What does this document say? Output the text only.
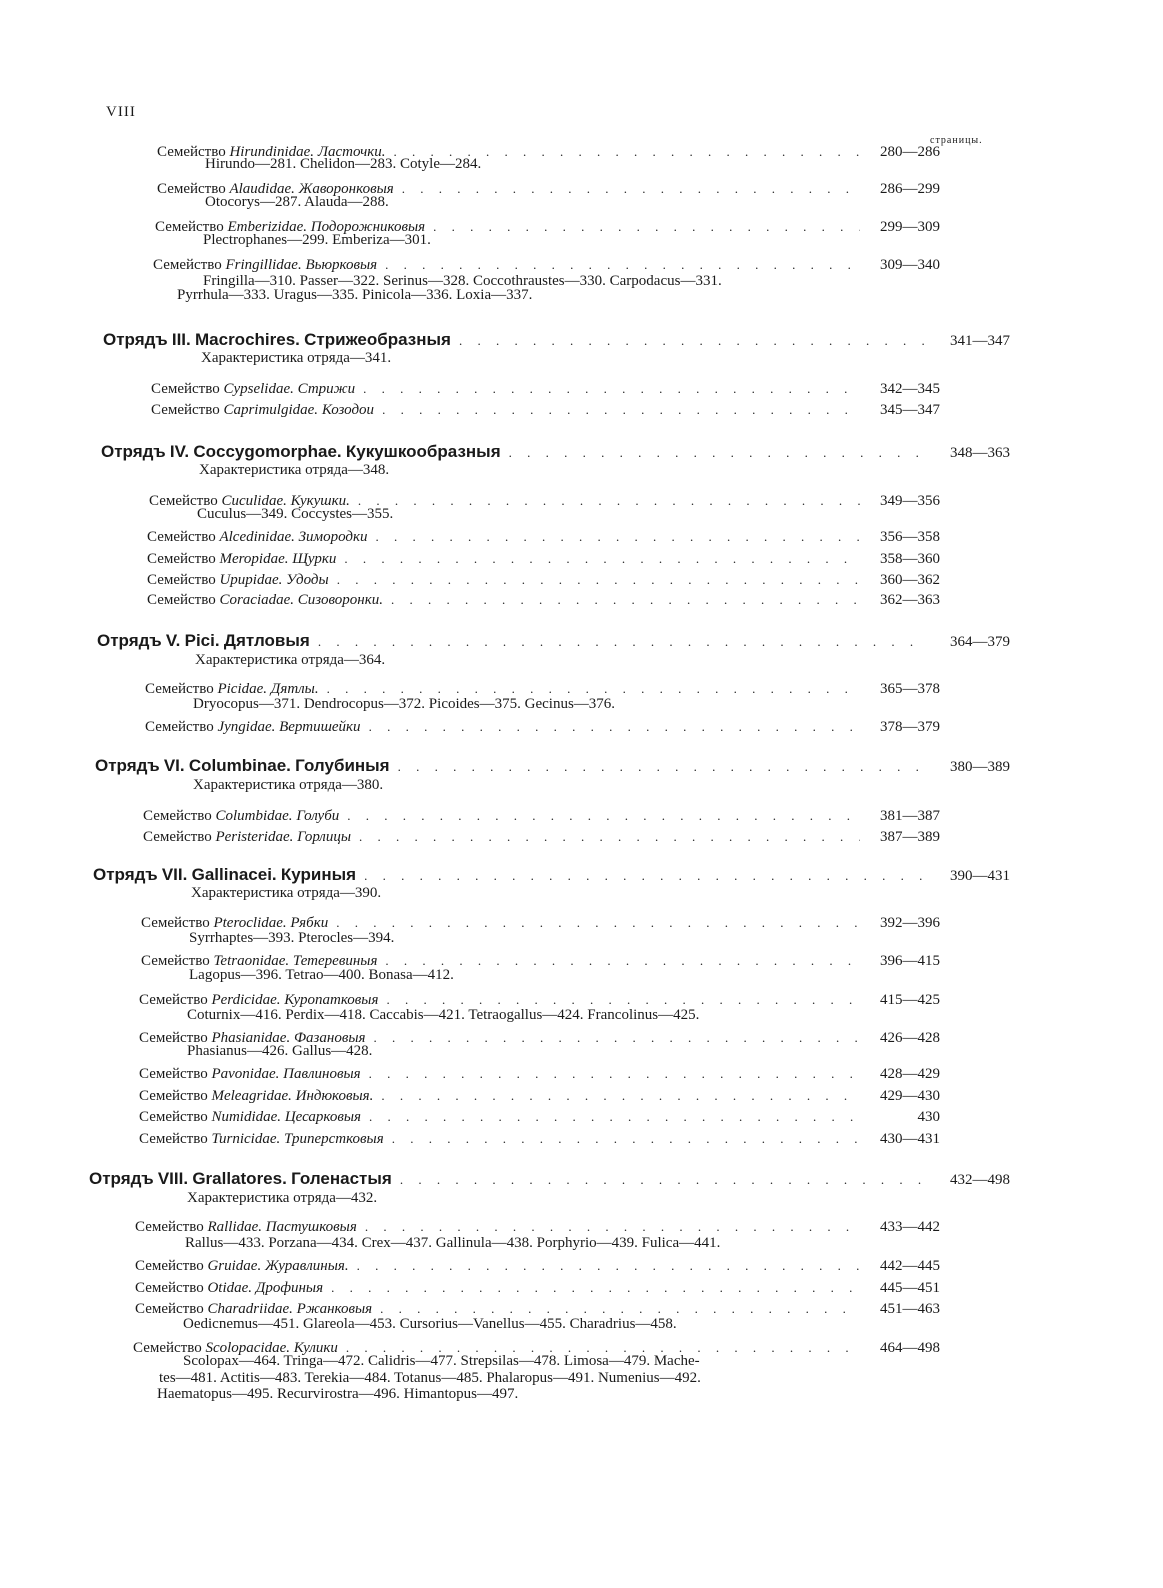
VIII
страницы.
Семейство Hirundinidae. Ласточки. . . .	280—286
Hirundo—281. Chelidon—283. Cotyle—284.
Семейство Alaudidae. Жаворонковыя . . .	286—299
Otocorys—287. Alauda—288.
Семейство Emberizidae. Подорожниковыя . . .	299—309
Plectrophanes—299. Emberiza—301.
Семейство Fringillidae. Вьюрковыя . . .	309—340
Fringilla—310. Passer—322. Serinus—328. Coccothraustes—330. Carpodacus—331.
Pyrrhula—333. Uragus—335. Pinicola—336. Loxia—337.
Отрядъ III. Macrochires. Стрижеобразныя . . .	341—347
Характеристика отряда—341.
Семейство Cypselidae. Стрижи . . .	342—345
Семейство Caprimulgidae. Козодои . . .	345—347
Отрядъ IV. Coccygomorphae. Кукушкообразныя . . .	348—363
Характеристика отряда—348.
Семейство Cuculidae. Кукушки. . . .	349—356
Cuculus—349. Coccystes—355.
Семейство Alcedinidae. Зимородки . . .	356—358
Семейство Meropidae. Щурки . . .	358—360
Семейство Upupidae. Удоды . . .	360—362
Семейство Coraciadae. Сизоворонки. . . .	362—363
Отрядъ V. Pici. Дятловыя . . .	364—379
Характеристика отряда—364.
Семейство Picidae. Дятлы. . . .	365—378
Dryocopus—371. Dendrocopus—372. Picoides—375. Gecinus—376.
Семейство Jyngidae. Вертишейки . . .	378—379
Отрядъ VI. Columbinae. Голубиныя . . .	380—389
Характеристика отряда—380.
Семейство Columbidae. Голуби . . .	381—387
Семейство Peristeridae. Горлицы . . .	387—389
Отрядъ VII. Gallinacei. Куриныя . . .	390—431
Характеристика отряда—390.
Семейство Pteroclidae. Рябки . . .	392—396
Syrrhaptes—393. Pterocles—394.
Семейство Tetraonidae. Тетеревиныя . . .	396—415
Lagopus—396. Tetrao—400. Bonasa—412.
Семейство Perdicidae. Куропатковыя . . .	415—425
Coturnix—416. Perdix—418. Caccabis—421. Tetraogallus—424. Francolinus—425.
Семейство Phasianidae. Фазановыя . . .	426—428
Phasianus—426. Gallus—428.
Семейство Pavonidae. Павлиновыя . . .	428—429
Семейство Meleagridae. Индюковыя. . . .	429—430
Семейство Numididae. Цесарковыя . . .	430
Семейство Turnicidae. Триперстковыя . . .	430—431
Отрядъ VIII. Grallatores. Голенастыя . . .	432—498
Характеристика отряда—432.
Семейство Rallidae. Пастушковыя . . .	433—442
Rallus—433. Porzana—434. Crex—437. Gallinula—438. Porphyrio—439. Fulica—441.
Семейство Gruidae. Журавлиныя. . . .	442—445
Семейство Otidae. Дрофиныя . . .	445—451
Семейство Charadriidae. Ржанковыя . . .	451—463
Oedicnemus—451. Glareola—453. Cursorius—Vanellus—455. Charadrius—458.
Семейство Scolopacidae. Кулики . . .	464—498
Scolopax—464. Tringa—472. Calidris—477. Strepsilas—478. Limosa—479. Mache-
tes—481. Actitis—483. Terekia—484. Totanus—485. Phalaropus—491. Numenius—492.
Haematopus—495. Recurvirostra—496. Himantopus—497.
